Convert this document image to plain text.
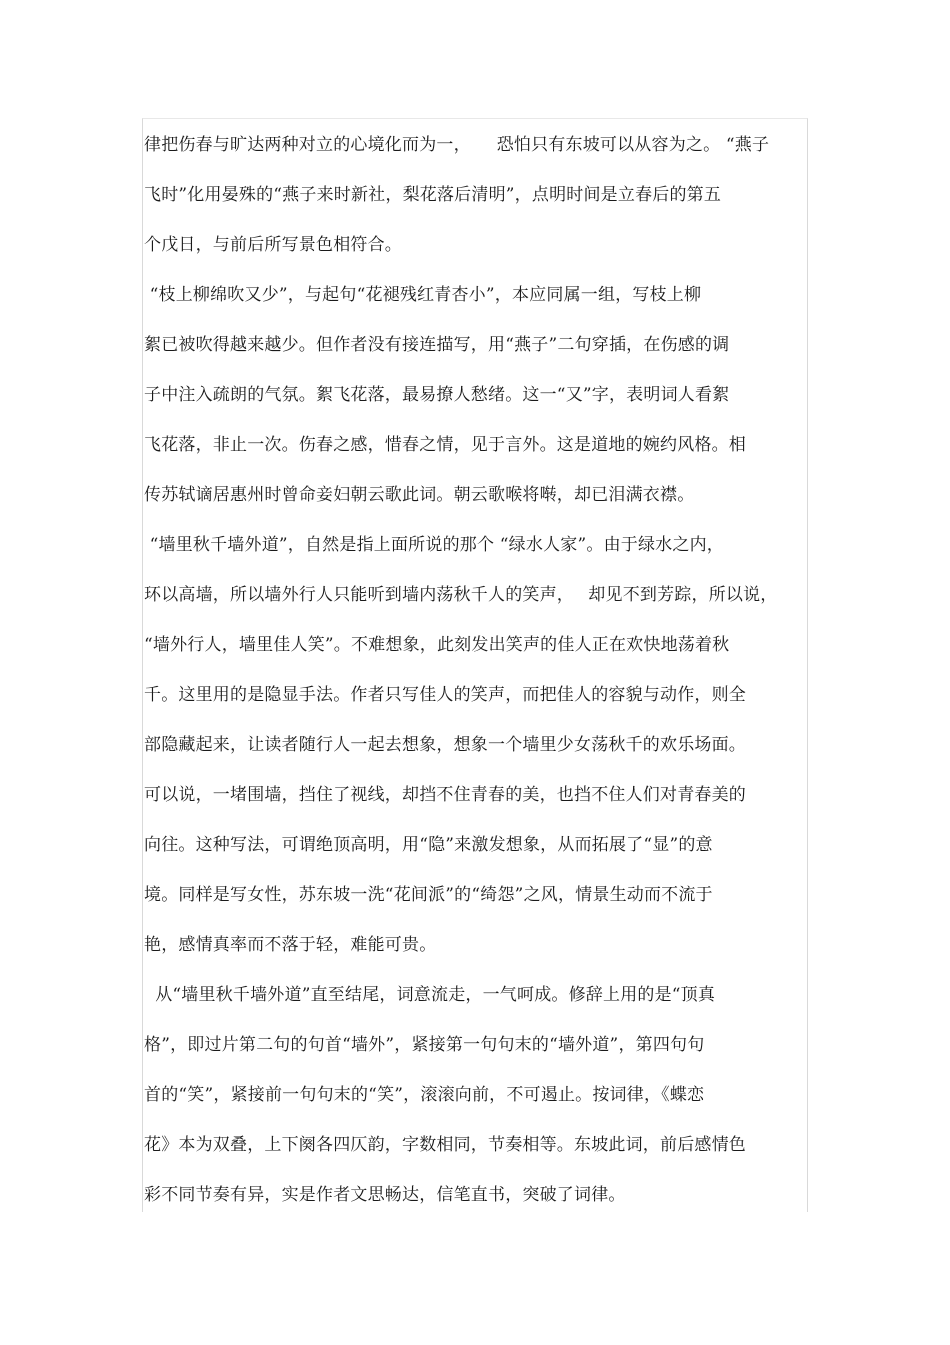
律把伤春与旷达两种对立的心境化而为一，　　恐怕只有东坡可以从容为之。 “燕子
飞时”化用晏殊的“燕子来时新社，梨花落后清明”，点明时间是立春后的第五
个戊日，与前后所写景色相符合。
“枝上柳绵吹又少”，与起句“花褪残红青杏小”，本应同属一组，写枝上柳
絮已被吹得越来越少。但作者没有接连描写，用“燕子”二句穿插，在伤感的调
子中注入疏朗的气氛。絮飞花落，最易撩人愁绪。这一“又”字，表明词人看絮
飞花落，非止一次。伤春之感，惜春之情，见于言外。这是道地的婉约风格。相
传苏轼谪居惠州时曾命妾妇朝云歌此词。朝云歌喉将啭，却已泪满衣襟。
“墙里秋千墙外道”，自然是指上面所说的那个 “绿水人家”。由于绿水之内，
环以高墙，所以墙外行人只能听到墙内荡秋千人的笑声，　 却见不到芳踪，所以说，
“墙外行人，墙里佳人笑”。不难想象，此刻发出笑声的佳人正在欢快地荡着秋
千。这里用的是隐显手法。作者只写佳人的笑声，而把佳人的容貌与动作，则全
部隐藏起来，让读者随行人一起去想象，想象一个墙里少女荡秋千的欢乐场面。
可以说，一堵围墙，挡住了视线，却挡不住青春的美，也挡不住人们对青春美的
向往。这种写法，可谓绝顶高明，用“隐”来激发想象，从而拓展了“显”的意
境。同样是写女性，苏东坡一洗“花间派”的“绮怨”之风，情景生动而不流于
艳，感情真率而不落于轻，难能可贵。
从“墙里秋千墙外道”直至结尾，词意流走，一气呵成。修辞上用的是“顶真
格”，即过片第二句的句首“墙外”，紧接第一句句末的“墙外道”，第四句句
首的“笑”，紧接前一句句末的“笑”，滚滚向前，不可遏止。按词律，《蝶恋
花》本为双叠，上下阕各四仄韵，字数相同，节奏相等。东坡此词，前后感情色
彩不同节奏有异，实是作者文思畅达，信笔直书，突破了词律。
